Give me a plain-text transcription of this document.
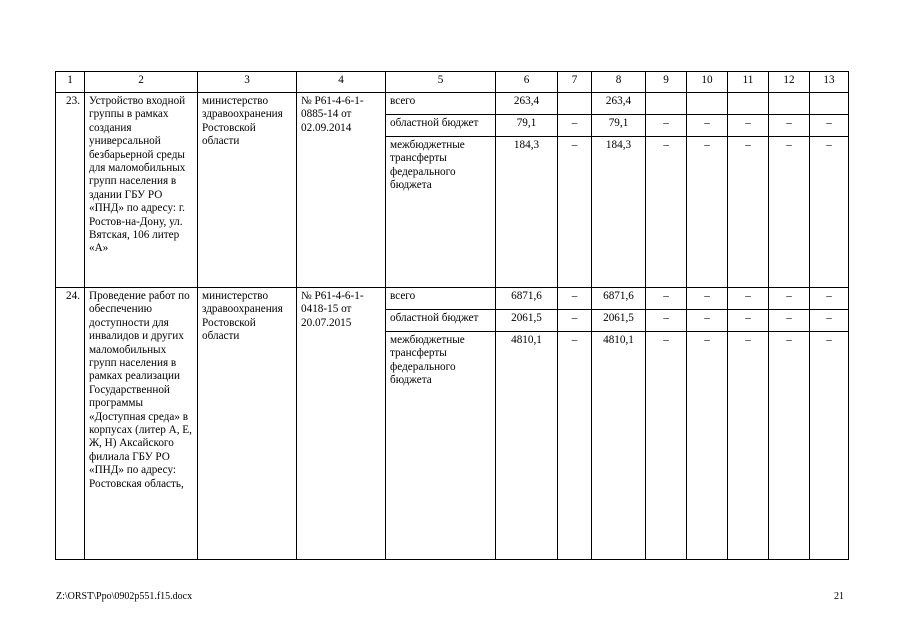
1	2	3	4	5	6	7	8	9	10	11	12	13
23.	Устройство входной группы в рамках создания универсальной безбарьерной среды для маломобильных групп населения в здании ГБУ РО «ПНД» по адресу: г. Ростов-на-Дону, ул. Вятская, 106 литер «А»	министерство здравоохранения Ростовской области	№ Р61-4-6-1-0885-14 от 02.09.2014	всего	263,4		263,4					
				областной бюджет	79,1	–	79,1	–	–	–	–	–
				межбюджетные трансферты федерального бюджета	184,3	–	184,3	–	–	–	–	–
24.	Проведение работ по обеспечению доступности для инвалидов и других маломобильных групп населения в рамках реализации Государственной программы «Доступная среда» в корпусах (литер А, Е, Ж, Н) Аксайского филиала ГБУ РО «ПНД» по адресу: Ростовская область,	министерство здравоохранения Ростовской области	№ Р61-4-6-1-0418-15 от 20.07.2015	всего	6871,6	–	6871,6	–	–	–	–	–
				областной бюджет	2061,5	–	2061,5	–	–	–	–	–
				межбюджетные трансферты федерального бюджета	4810,1	–	4810,1	–	–	–	–	–
Z:\ORST\Ppo\0902p551.f15.docx	21
